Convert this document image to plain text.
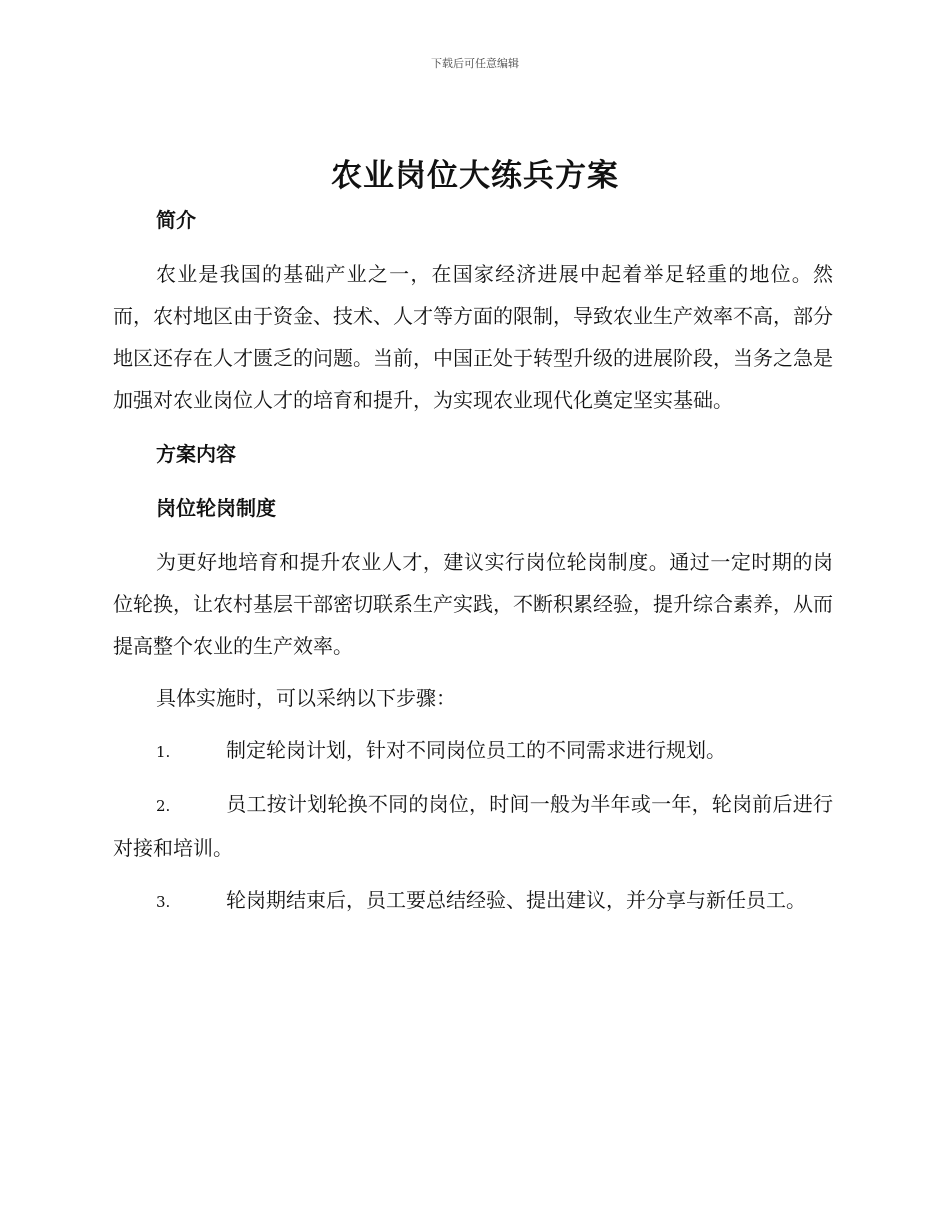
下载后可任意编辑
农业岗位大练兵方案
简介

农业是我国的基础产业之一，在国家经济进展中起着举足轻重的地位。然而，农村地区由于资金、技术、人才等方面的限制，导致农业生产效率不高，部分地区还存在人才匮乏的问题。当前，中国正处于转型升级的进展阶段，当务之急是加强对农业岗位人才的培育和提升，为实现农业现代化奠定坚实基础。

方案内容
岗位轮岗制度

为更好地培育和提升农业人才，建议实行岗位轮岗制度。通过一定时期的岗位轮换，让农村基层干部密切联系生产实践，不断积累经验，提升综合素养，从而提高整个农业的生产效率。

具体实施时，可以采纳以下步骤：

1.	制定轮岗计划，针对不同岗位员工的不同需求进行规划。

2.	员工按计划轮换不同的岗位，时间一般为半年或一年，轮岗前后进行对接和培训。

3.	轮岗期结束后，员工要总结经验、提出建议，并分享与新任员工。
